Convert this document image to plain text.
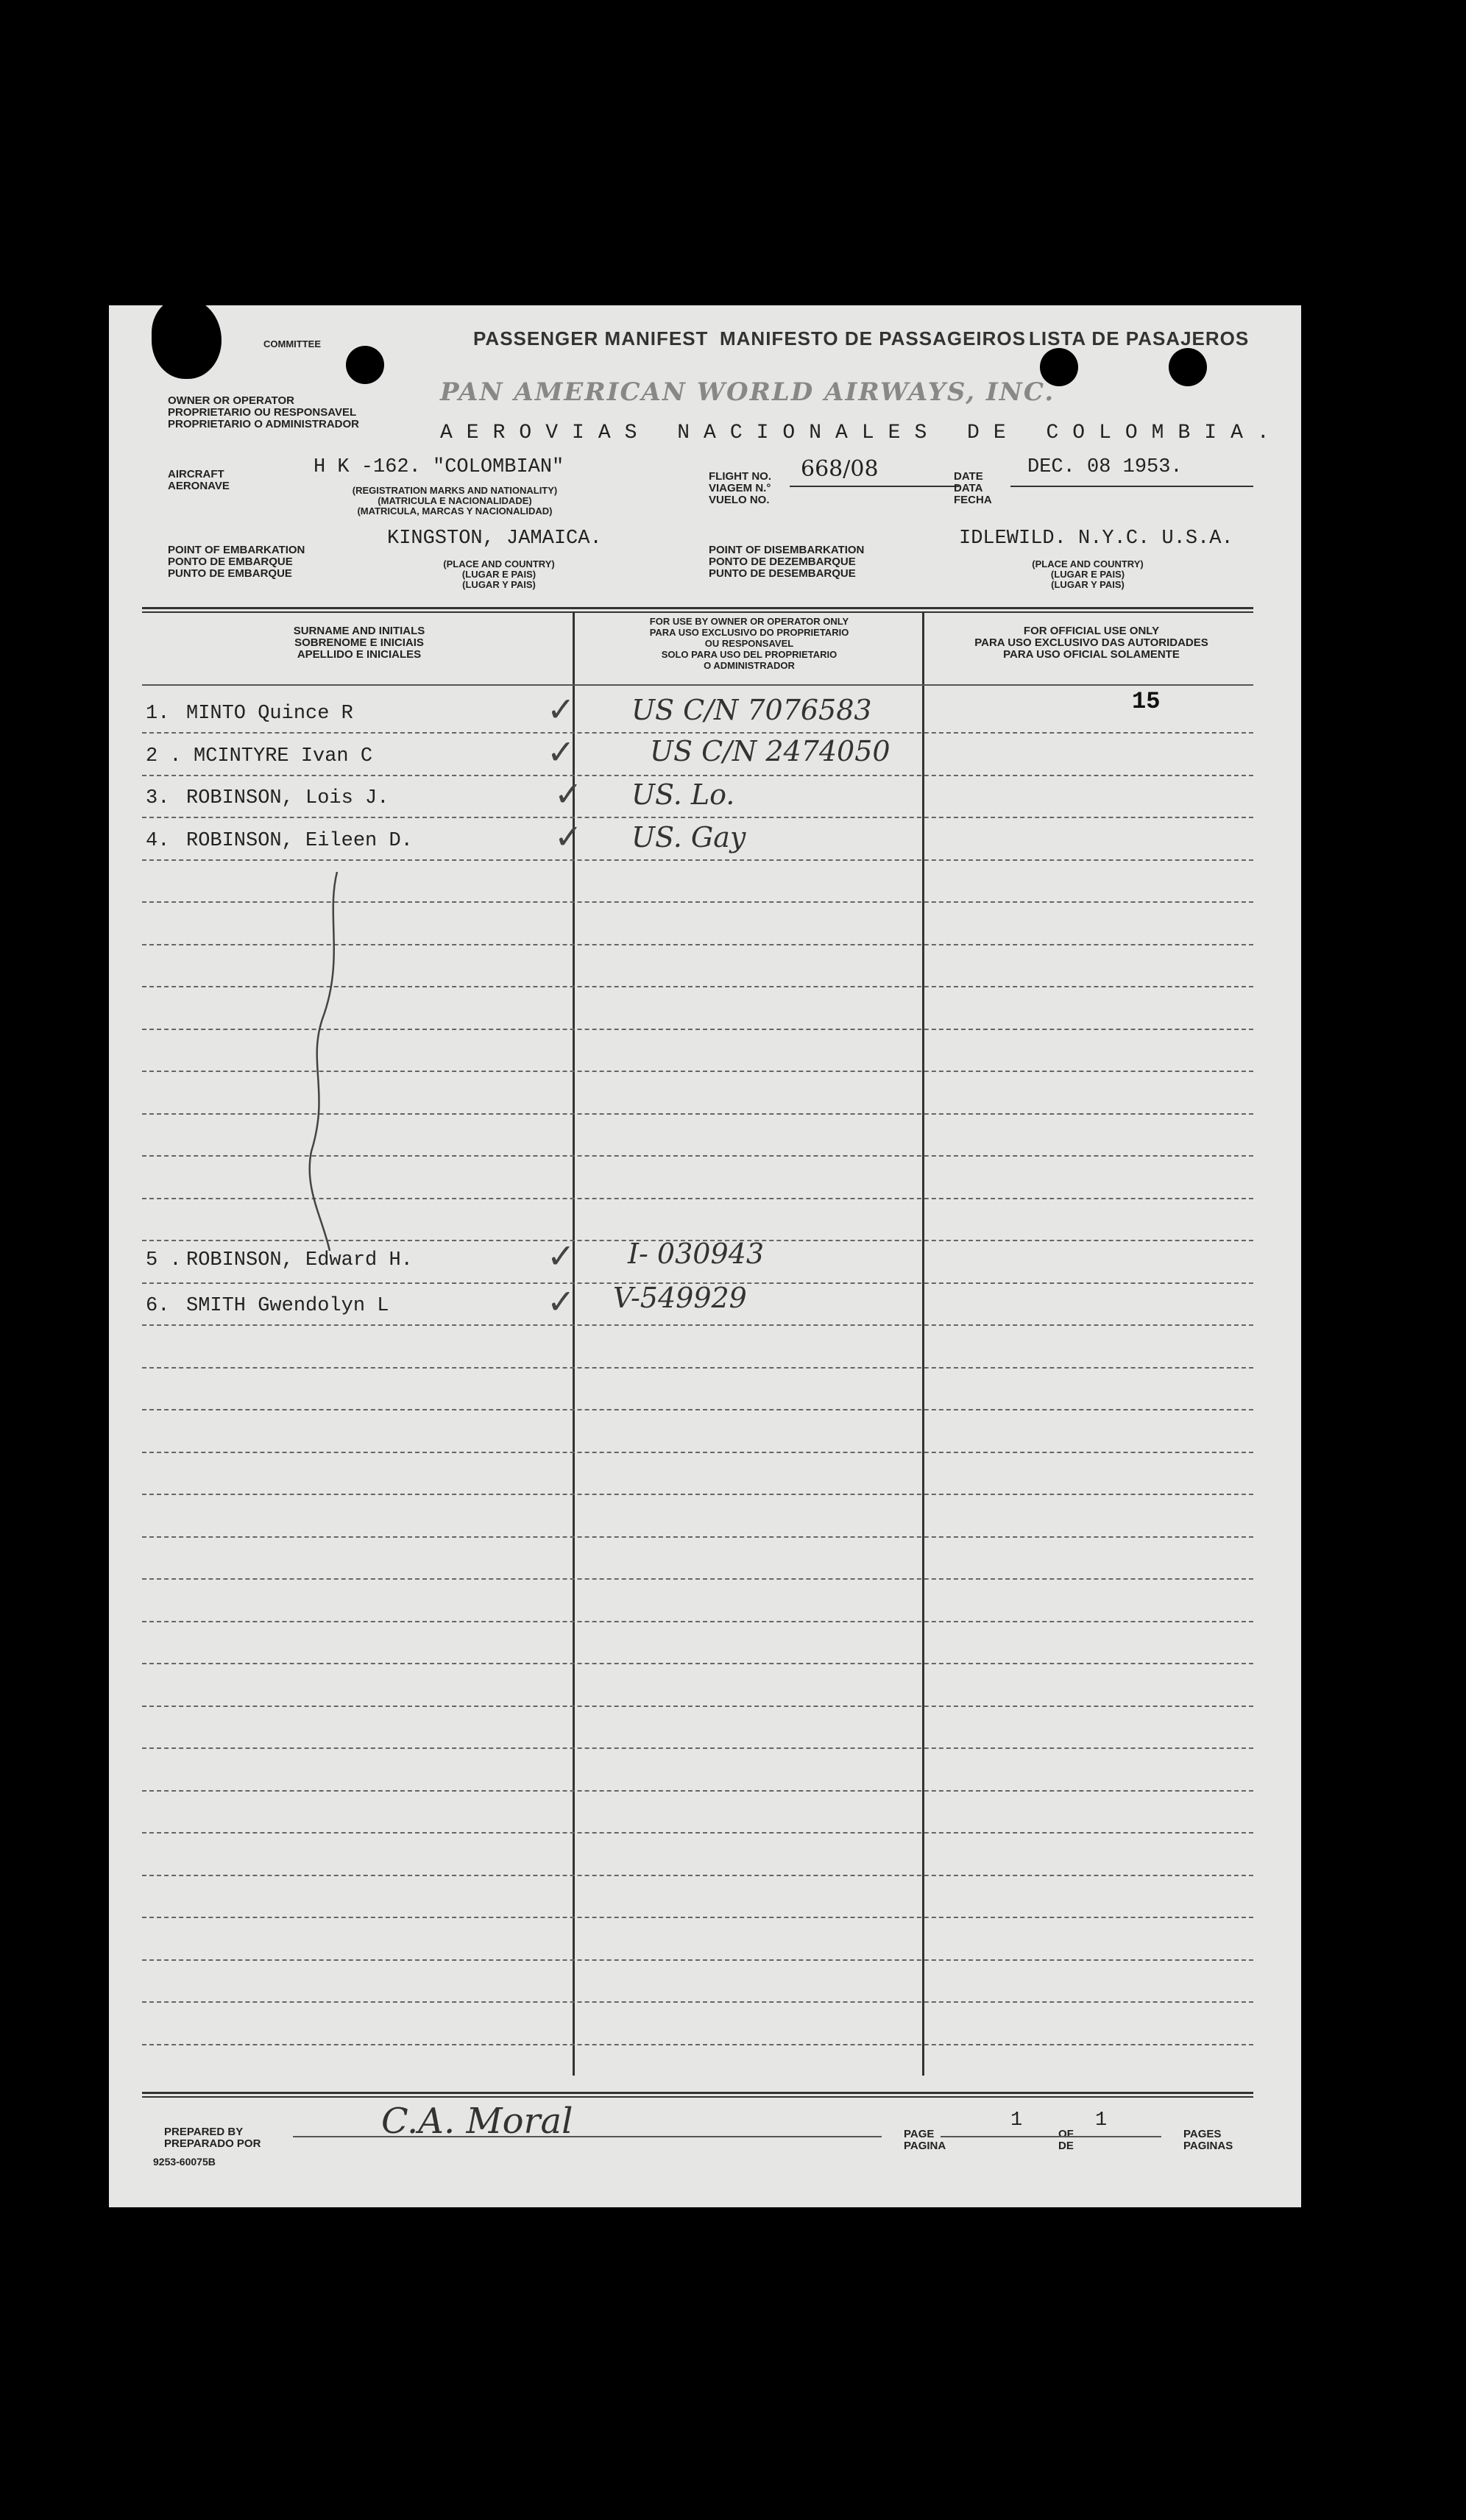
COMMITTEE	PASSENGER MANIFEST MANIFESTO DE PASSAGEIROS LISTA DE PASAJEROS
OWNER OR OPERATOR
PROPRIETARIO OU RESPONSAVEL
PROPRIETARIO O ADMINISTRADOR
PAN AMERICAN WORLD AIRWAYS, INC.
AEROVIAS NACIONALES DE COLOMBIA.
AIRCRAFT
AERONAVE
H K -162. "COLOMBIAN"
(REGISTRATION MARKS AND NATIONALITY)
(MATRICULA E NACIONALIDADE)
(MATRICULA, MARCAS Y NACIONALIDAD)
FLIGHT NO.
VIAGEM N.°
VUELO NO.
668/08	DATE
DATA
FECHA
DEC. 08 1953.
POINT OF EMBARKATION
PONTO DE EMBARQUE
PUNTO DE EMBARQUE
KINGSTON, JAMAICA.
(PLACE AND COUNTRY)
(LUGAR E PAIS)
(LUGAR Y PAIS)
POINT OF DISEMBARKATION
PONTO DE DEZEMBARQUE
PUNTO DE DESEMBARQUE
IDLEWILD. N.Y.C. U.S.A.
(PLACE AND COUNTRY)
(LUGAR E PAIS)
(LUGAR Y PAIS)
SURNAME AND INITIALS
SOBRENOME E INICIAIS
APELLIDO E INICIALES
FOR USE BY OWNER OR OPERATOR ONLY
PARA USO EXCLUSIVO DO PROPRIETARIO
OU RESPONSAVEL
SOLO PARA USO DEL PROPRIETARIO
O ADMINISTRADOR
FOR OFFICIAL USE ONLY
PARA USO EXCLUSIVO DAS AUTORIDADES
PARA USO OFICIAL SOLAMENTE
15
1. MINTO Quince R	✓ US C/N 7076583
2 . MCINTYRE Ivan C	✓	US C/N 2474050
3. ROBINSON, Lois J.	✓ US. Lo.
4. ROBINSON, Eileen D.	✓ US. Gay
5 . ROBINSON, Edward H.	✓ I- 030943
6. SMITH Gwendolyn L	✓ V-549929
PREPARED BY
PREPARADO POR
9253-60075B
C.A. Moral	PAGE
PAGINA
1
OF
DE
1
PAGES
PAGINAS
